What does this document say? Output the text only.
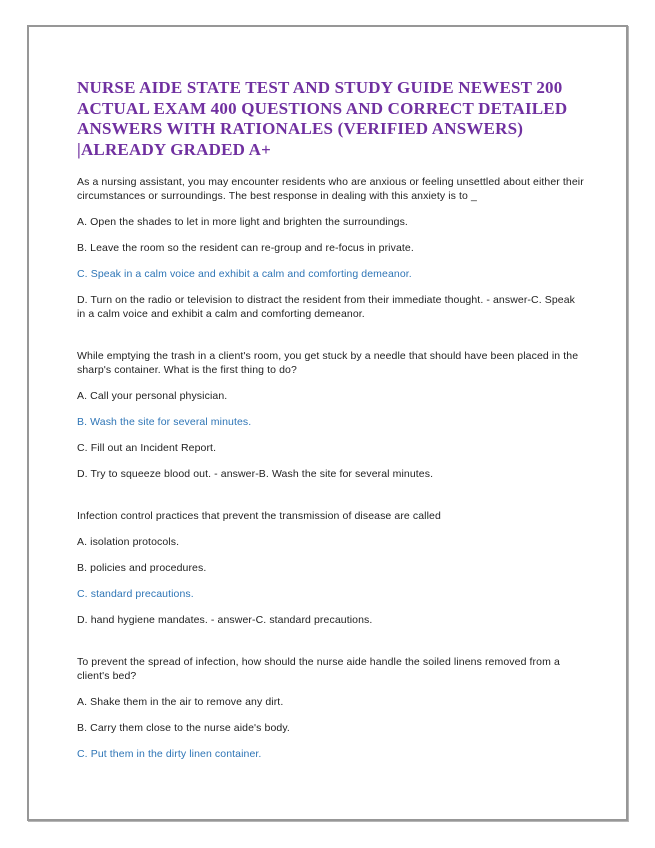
NURSE AIDE STATE TEST AND STUDY GUIDE NEWEST 200
ACTUAL EXAM 400 QUESTIONS AND CORRECT DETAILED
ANSWERS WITH RATIONALES (VERIFIED ANSWERS)
|ALREADY GRADED A+

As a nursing assistant, you may encounter residents who are anxious or feeling unsettled about either their circumstances or surroundings. The best response in dealing with this anxiety is to _

A. Open the shades to let in more light and brighten the surroundings.

B. Leave the room so the resident can re-group and re-focus in private.

C. Speak in a calm voice and exhibit a calm and comforting demeanor.

D. Turn on the radio or television to distract the resident from their immediate thought. - answer-C. Speak in a calm voice and exhibit a calm and comforting demeanor.

While emptying the trash in a client's room, you get stuck by a needle that should have been placed in the sharp's container. What is the first thing to do?

A. Call your personal physician.

B. Wash the site for several minutes.

C. Fill out an Incident Report.

D. Try to squeeze blood out. - answer-B. Wash the site for several minutes.

Infection control practices that prevent the transmission of disease are called

A. isolation protocols.

B. policies and procedures.

C. standard precautions.

D. hand hygiene mandates. - answer-C. standard precautions.

To prevent the spread of infection, how should the nurse aide handle the soiled linens removed from a client's bed?

A. Shake them in the air to remove any dirt.

B. Carry them close to the nurse aide's body.

C. Put them in the dirty linen container.
